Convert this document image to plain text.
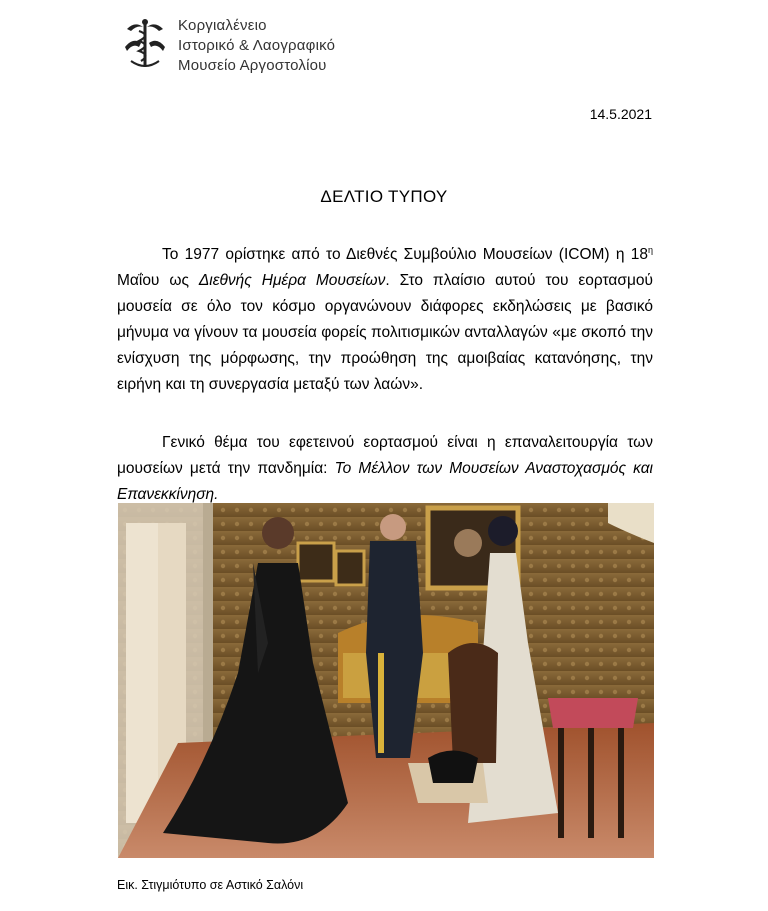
Κοργιαλένειο
Ιστορικό & Λαογραφικό
Μουσείο Αργοστολίου
14.5.2021
ΔΕΛΤΙΟ ΤΥΠΟΥ

Το 1977 ορίστηκε από το Διεθνές Συμβούλιο Μουσείων (ICOM) η $18^\eta$ Μαΐου ως Διεθνής Ημέρα Μουσείων. Στο πλαίσιο αυτού του εορτασμού μουσεία σε όλο τον κόσμο οργανώνουν διάφορες εκδηλώσεις με βασικό μήνυμα να γίνουν τα μουσεία φορείς πολιτισμικών ανταλλαγών «με σκοπό την ενίσχυση της μόρφωσης, την προώθηση της αμοιβαίας κατανόησης, την ειρήνη και τη συνεργασία μεταξύ των λαών».

Γενικό θέμα του εφετεινού εορτασμού είναι η επαναλειτουργία των μουσείων μετά την πανδημία: Το Μέλλον των Μουσείων Αναστοχασμός και Επανεκκίνηση.

Εικ. Στιγμιότυπο σε Αστικό Σαλόνι
